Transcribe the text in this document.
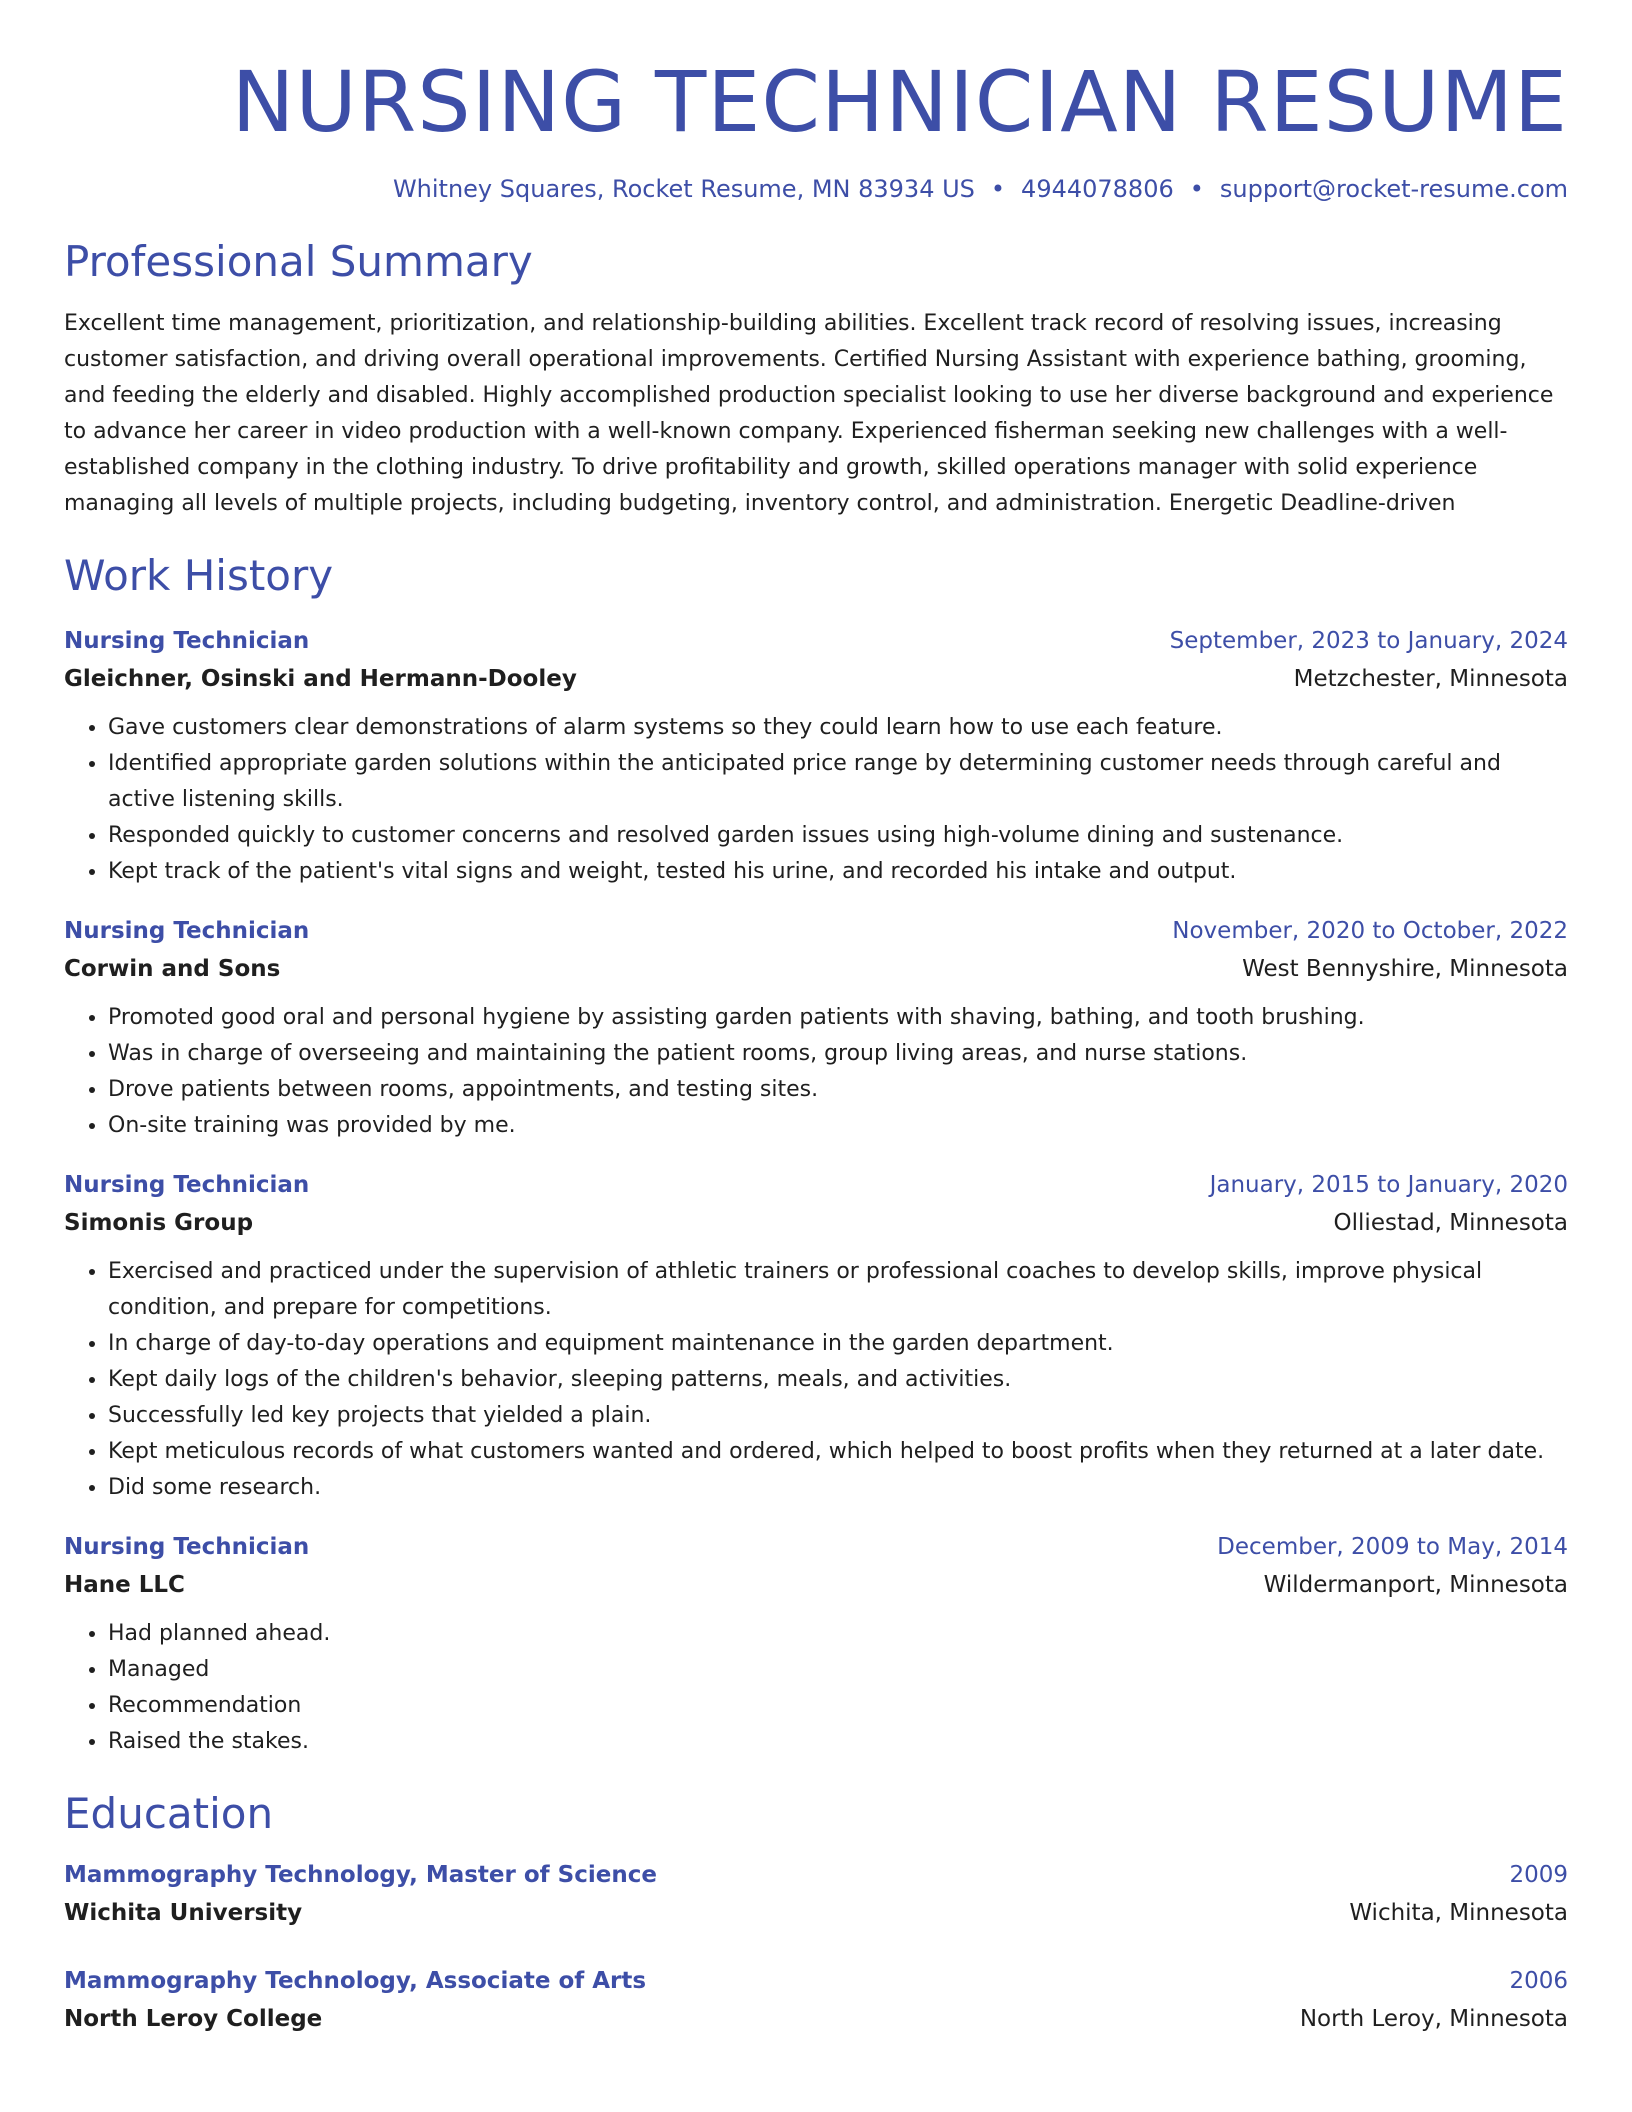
NURSING TECHNICIAN RESUME
Whitney Squares, Rocket Resume, MN 83934 US • 4944078806 • support@rocket-resume.com
Professional Summary

Excellent time management, prioritization, and relationship-building abilities. Excellent track record of resolving issues, increasing customer satisfaction, and driving overall operational improvements. Certified Nursing Assistant with experience bathing, grooming, and feeding the elderly and disabled. Highly accomplished production specialist looking to use her diverse background and experience to advance her career in video production with a well-known company. Experienced fisherman seeking new challenges with a well-established company in the clothing industry. To drive profitability and growth, skilled operations manager with solid experience managing all levels of multiple projects, including budgeting, inventory control, and administration. Energetic Deadline-driven

Work History
Nursing Technician	September, 2023 to January, 2024
Gleichner, Osinski and Hermann-Dooley	Metzchester, Minnesota
• Gave customers clear demonstrations of alarm systems so they could learn how to use each feature.
• Identified appropriate garden solutions within the anticipated price range by determining customer needs through careful and active listening skills.
• Responded quickly to customer concerns and resolved garden issues using high-volume dining and sustenance.
• Kept track of the patient's vital signs and weight, tested his urine, and recorded his intake and output.
Nursing Technician	November, 2020 to October, 2022
Corwin and Sons	West Bennyshire, Minnesota
• Promoted good oral and personal hygiene by assisting garden patients with shaving, bathing, and tooth brushing.
• Was in charge of overseeing and maintaining the patient rooms, group living areas, and nurse stations.
• Drove patients between rooms, appointments, and testing sites.
• On-site training was provided by me.
Nursing Technician	January, 2015 to January, 2020
Simonis Group	Olliestad, Minnesota
• Exercised and practiced under the supervision of athletic trainers or professional coaches to develop skills, improve physical condition, and prepare for competitions.
• In charge of day-to-day operations and equipment maintenance in the garden department.
• Kept daily logs of the children's behavior, sleeping patterns, meals, and activities.
• Successfully led key projects that yielded a plain.
• Kept meticulous records of what customers wanted and ordered, which helped to boost profits when they returned at a later date.
• Did some research.
Nursing Technician	December, 2009 to May, 2014
Hane LLC	Wildermanport, Minnesota
• Had planned ahead.
• Managed
• Recommendation
• Raised the stakes.
Education
Mammography Technology, Master of Science	2009
Wichita University	Wichita, Minnesota
Mammography Technology, Associate of Arts	2006
North Leroy College	North Leroy, Minnesota
